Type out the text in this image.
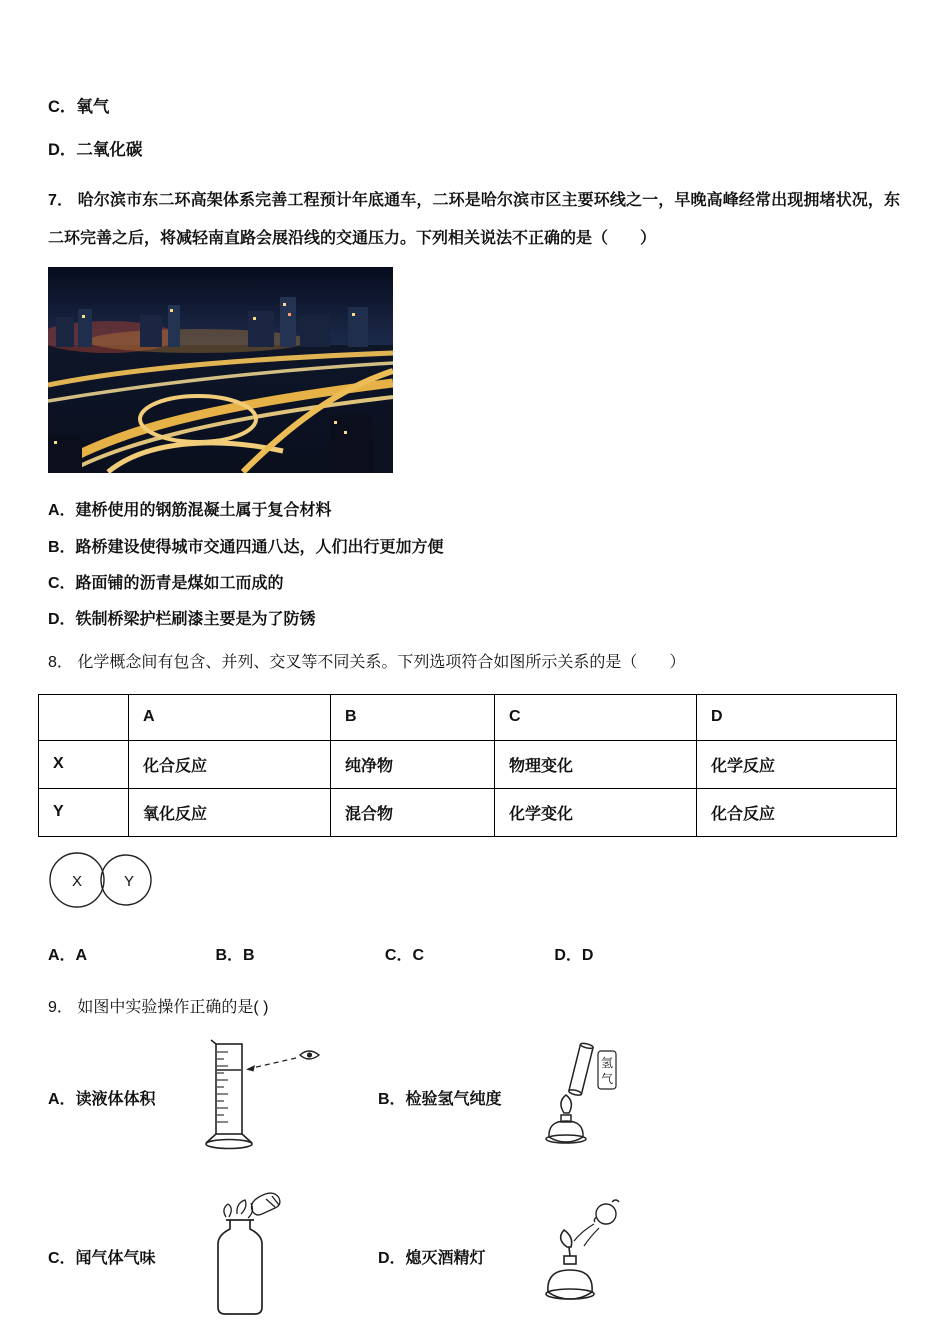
C．氧气
D．二氧化碳

7． 哈尔滨市东二环高架体系完善工程预计年底通车，二环是哈尔滨市区主要环线之一，早晚高峰经常出现拥堵状况，东二环完善之后，将减轻南直路会展沿线的交通压力。下列相关说法不正确的是（　　）

A．建桥使用的钢筋混凝土属于复合材料
B．路桥建设使得城市交通四通八达，人们出行更加方便
C．路面铺的沥青是煤如工而成的
D．铁制桥梁护栏刷漆主要是为了防锈

8． 化学概念间有包含、并列、交叉等不同关系。下列选项符合如图所示关系的是（　　）

	A	B	C	D
X	化合反应	纯净物	物理变化	化学反应
Y	氧化反应	混合物	化学变化	化合反应
X	Y
A．A	B．B	C．C	D．D

9． 如图中实验操作正确的是( )

A．读液体体积	B．检验氢气纯度
氢
气
C．闻气体气味	D．熄灭酒精灯
